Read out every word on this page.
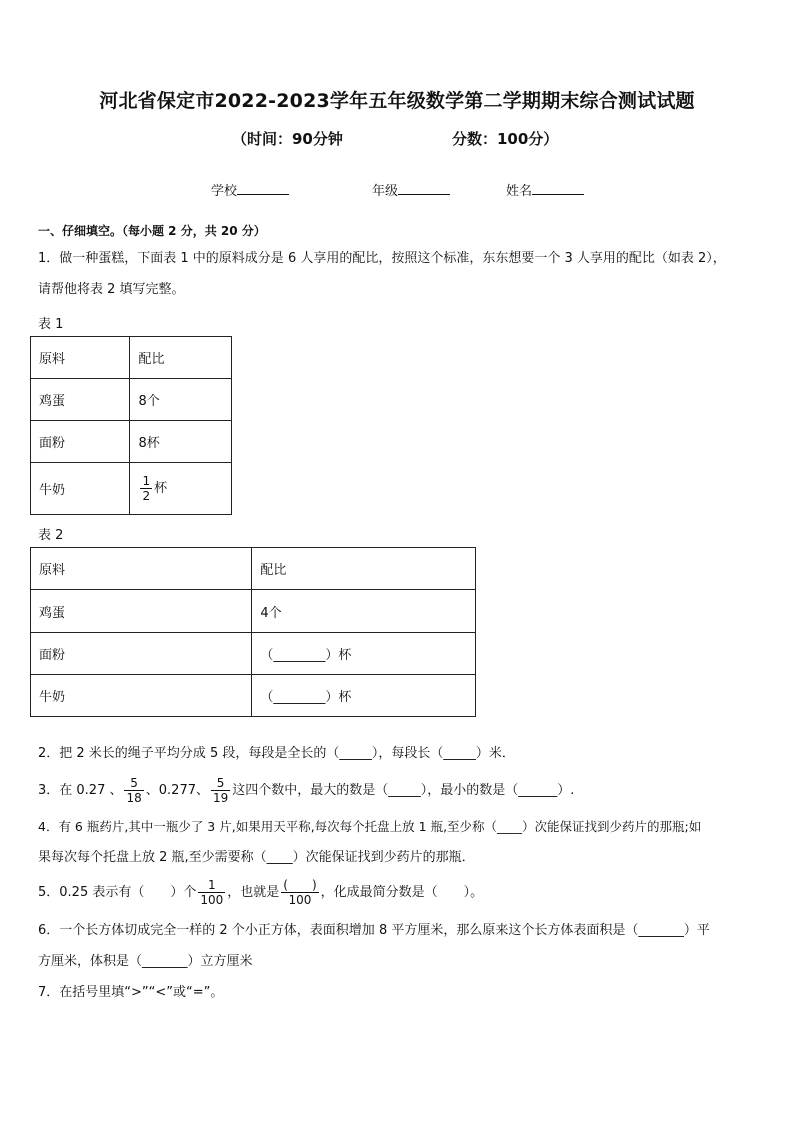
河北省保定市2022-2023学年五年级数学第二学期期末综合测试试题
（时间：90分钟	分数：100分）
学校	年级	姓名
一、仔细填空。（每小题 2 分，共 20 分）
1．做一种蛋糕，下面表 1 中的原料成分是 6 人享用的配比，按照这个标准，东东想要一个 3 人享用的配比（如表 2），
请帮他将表 2 填写完整。
表 1
原料	配比
鸡蛋	8个
面粉	8杯
牛奶	$\frac{1}{2}$ 杯
表 2
原料	配比
鸡蛋	4个
面粉	（________）杯
牛奶	（________）杯
2．把 2 米长的绳子平均分成 5 段，每段是全长的（_____），每段长（_____）米．
3．在 0.27 、 $\frac{5}{18}$ 、0.277、 $\frac{5}{19}$ 这四个数中，最大的数是（_____），最小的数是（______）.
4．有 6 瓶药片,其中一瓶少了 3 片,如果用天平称,每次每个托盘上放 1 瓶,至少称（____）次能保证找到少药片的那瓶;如
果每次每个托盘上放 2 瓶,至少需要称（____）次能保证找到少药片的那瓶．
5．0.25 表示有（　　）个 $\frac{1}{100}$ ，也就是 $\frac{( )}{100}$ ，化成最简分数是（　　）。
6．一个长方体切成完全一样的 2 个小正方体，表面积增加 8 平方厘米，那么原来这个长方体表面积是（_______）平
方厘米，体积是（_______）立方厘米
7．在括号里填“>”“<”或“=”。
